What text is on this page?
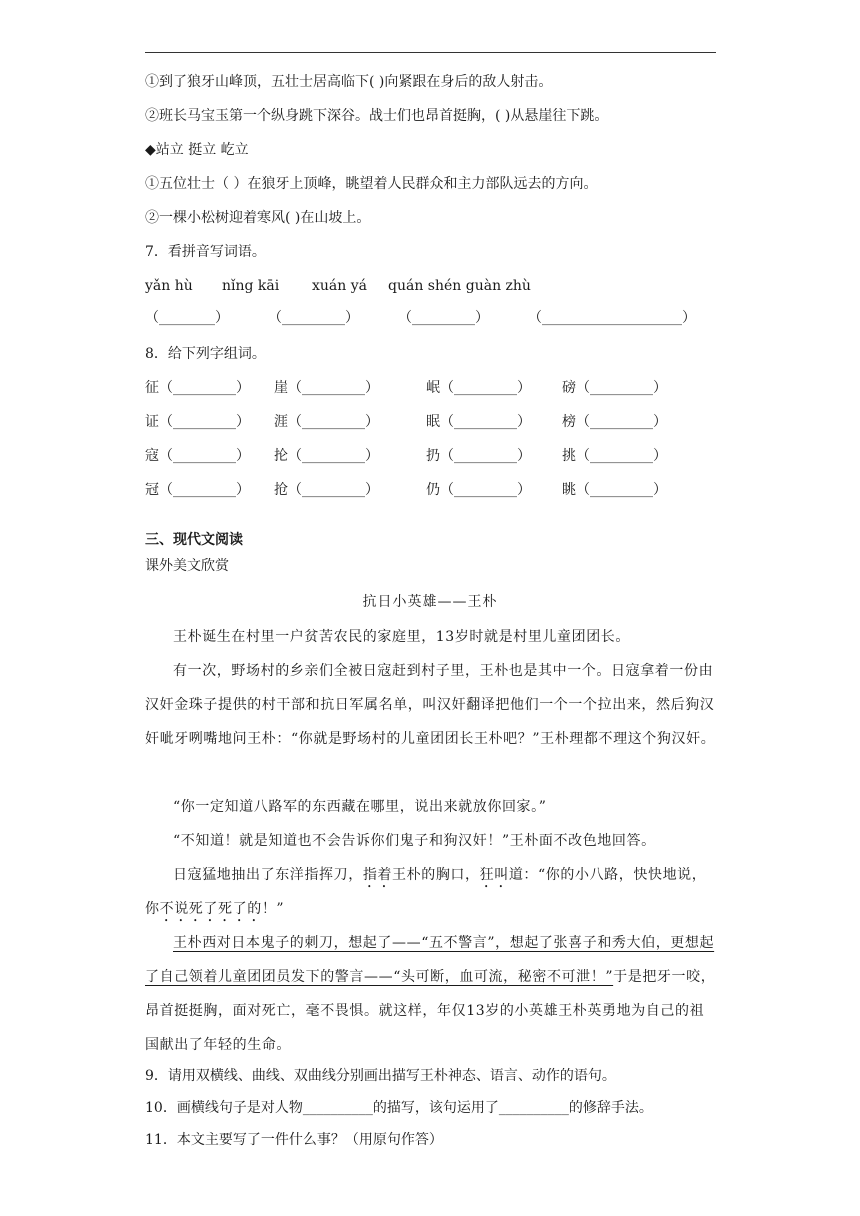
①到了狼牙山峰顶，五壮士居高临下( )向紧跟在身后的敌人射击。
②班长马宝玉第一个纵身跳下深谷。战士们也昂首挺胸，( )从悬崖往下跳。
◆站立 挺立 屹立
①五位壮士（ ）在狼牙上顶峰，眺望着人民群众和主力部队远去的方向。
②一棵小松树迎着寒风( )在山坡上。
7．看拼音写词语。
yǎn hù nǐng kāi xuán yá quán shén guàn zhù
（________）	（_________）	（_________）	（____________________）
8．给下列字组词。
征（_________） 崖（_________）	岷（_________） 磅（_________）
证（_________） 涯（_________）	眠（_________） 榜（_________）
寇（_________） 抡（_________）	扔（_________） 挑（_________）
冠（_________） 抢（_________）	仍（_________） 眺（_________）
三、现代文阅读
课外美文欣赏
抗日小英雄——王朴
王朴诞生在村里一户贫苦农民的家庭里，13岁时就是村里儿童团团长。
有一次，野场村的乡亲们全被日寇赶到村子里，王朴也是其中一个。日寇拿着一份由汉奸金珠子提供的村干部和抗日军属名单，叫汉奸翻译把他们一个一个拉出来，然后狗汉奸呲牙咧嘴地问王朴：“你就是野场村的儿童团团长王朴吧？”王朴理都不理这个狗汉奸。
“你一定知道八路军的东西藏在哪里，说出来就放你回家。”
“不知道！就是知道也不会告诉你们鬼子和狗汉奸！”王朴面不改色地回答。
日寇猛地抽出了东洋指挥刀，指着王朴的胸口，狂叫道：“你的小八路，快快地说，你不说死了死了的！”
王朴西对日本鬼子的刺刀，想起了——“五不警言”，想起了张喜子和秀大伯，更想起了自己领着儿童团团员发下的警言——“头可断，血可流，秘密不可泄！”于是把牙一咬，昂首挺挺胸，面对死亡，毫不畏惧。就这样，年仅13岁的小英雄王朴英勇地为自己的祖国献出了年轻的生命。
9．请用双横线、曲线、双曲线分别画出描写王朴神态、语言、动作的语句。
10．画横线句子是对人物__________的描写，该句运用了__________的修辞手法。
11．本文主要写了一件什么事？（用原句作答）
